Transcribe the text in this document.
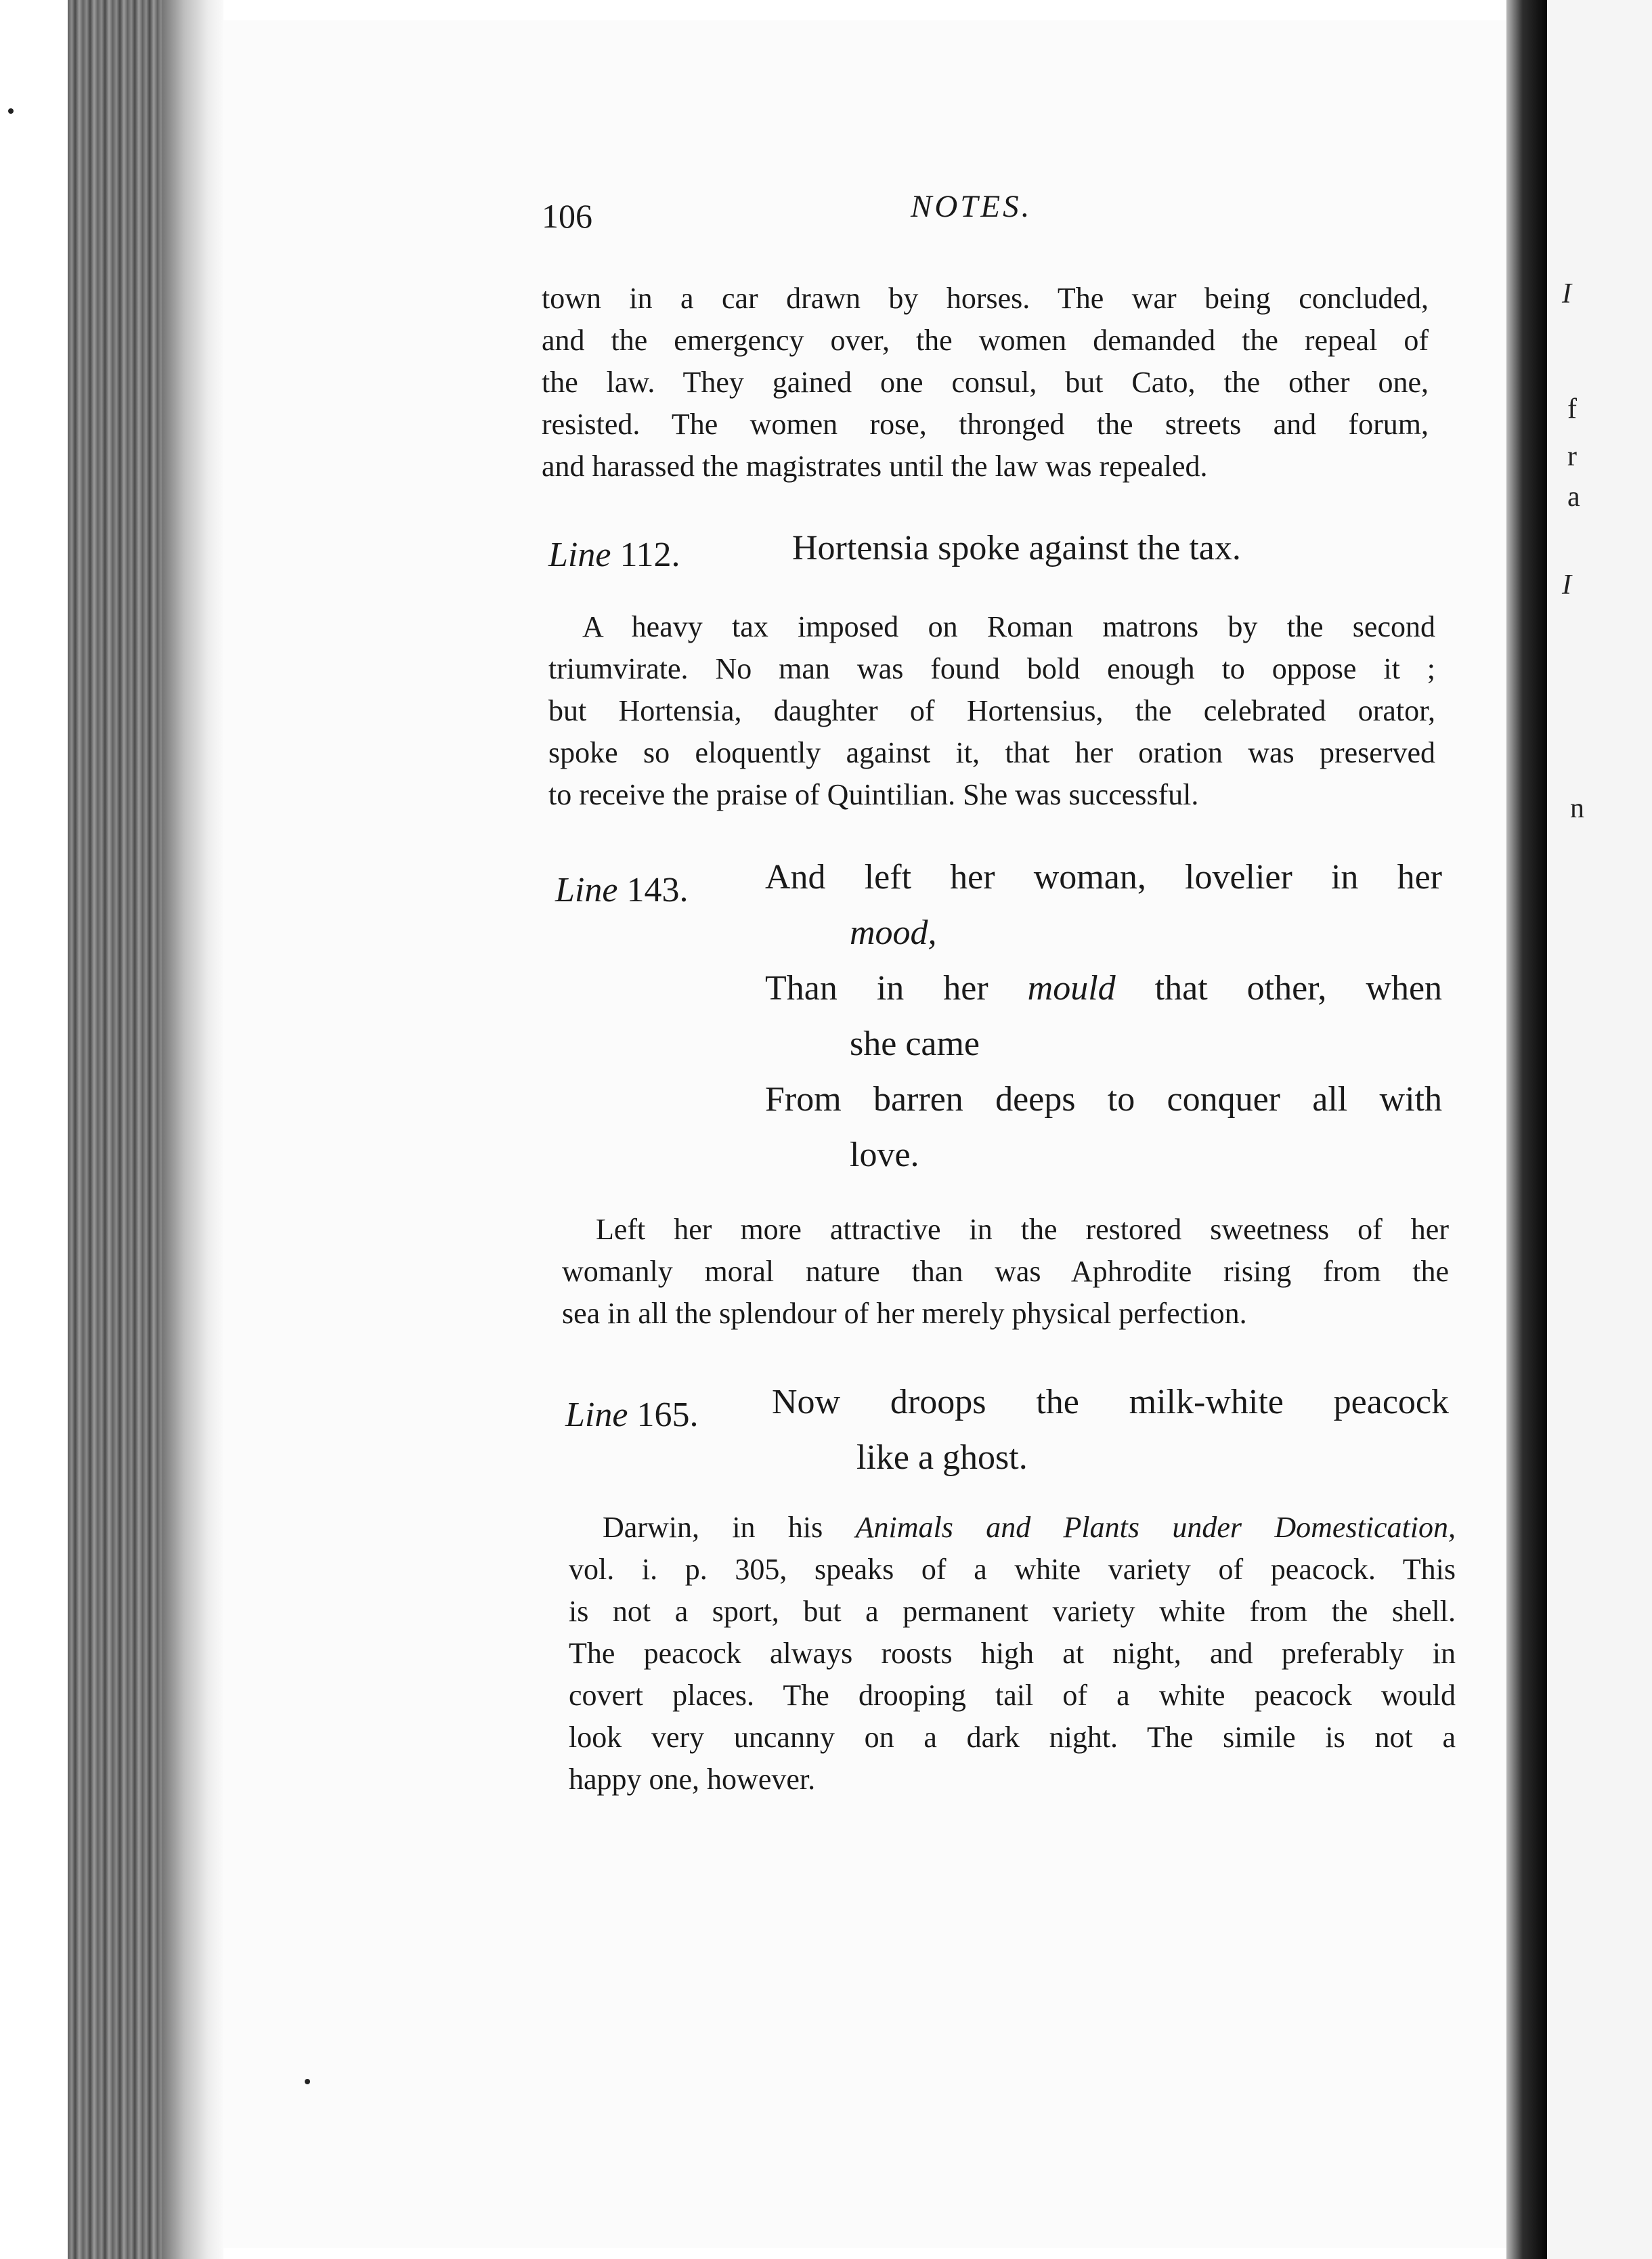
I
f
r
a
I
n
106	NOTES.
town in a car drawn by horses. The war being concluded,
and the emergency over, the women demanded the repeal of
the law. They gained one consul, but Cato, the other one,
resisted. The women rose, thronged the streets and forum,
and harassed the magistrates until the law was repealed.
Line 112.	Hortensia spoke against the tax.
A heavy tax imposed on Roman matrons by the second
triumvirate. No man was found bold enough to oppose it ;
but Hortensia, daughter of Hortensius, the celebrated orator,
spoke so eloquently against it, that her oration was preserved
to receive the praise of Quintilian. She was successful.
Line 143. And left her woman, lovelier in her
mood,
Than in her mould that other, when
she came
From barren deeps to conquer all with
love.
Left her more attractive in the restored sweetness of her
womanly moral nature than was Aphrodite rising from the
sea in all the splendour of her merely physical perfection.
Line 165. Now droops the milk-white peacock
like a ghost.
Darwin, in his Animals and Plants under Domestication,
vol. i. p. 305, speaks of a white variety of peacock. This
is not a sport, but a permanent variety white from the shell.
The peacock always roosts high at night, and preferably in
covert places. The drooping tail of a white peacock would
look very uncanny on a dark night. The simile is not a
happy one, however.
